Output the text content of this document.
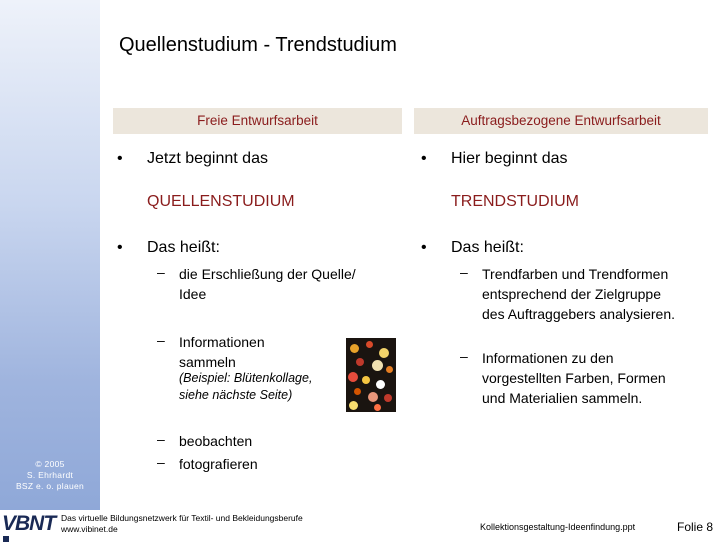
© 2005
S. Ehrhardt
BSZ e. o. plauen
Quellenstudium - Trendstudium
Freie Entwurfsarbeit
• Jetzt beginnt das
QUELLENSTUDIUM
• Das heißt:
– die Erschließung der Quelle/
Idee
– Informationen
sammeln
(Beispiel: Blütenkollage,
siehe nächste Seite)
– beobachten
– fotografieren
Auftragsbezogene Entwurfsarbeit
• Hier beginnt das
TRENDSTUDIUM
• Das heißt:
– Trendfarben und Trendformen
entsprechend der Zielgruppe
des Auftraggebers analysieren.
– Informationen zu den
vorgestellten Farben, Formen
und Materialien sammeln.
VBNT Das virtuelle Bildungsnetzwerk für Textil- und Bekleidungsberufe
www.vibinet.de	Kollektionsgestaltung-Ideenfindung.ppt	Folie 8
